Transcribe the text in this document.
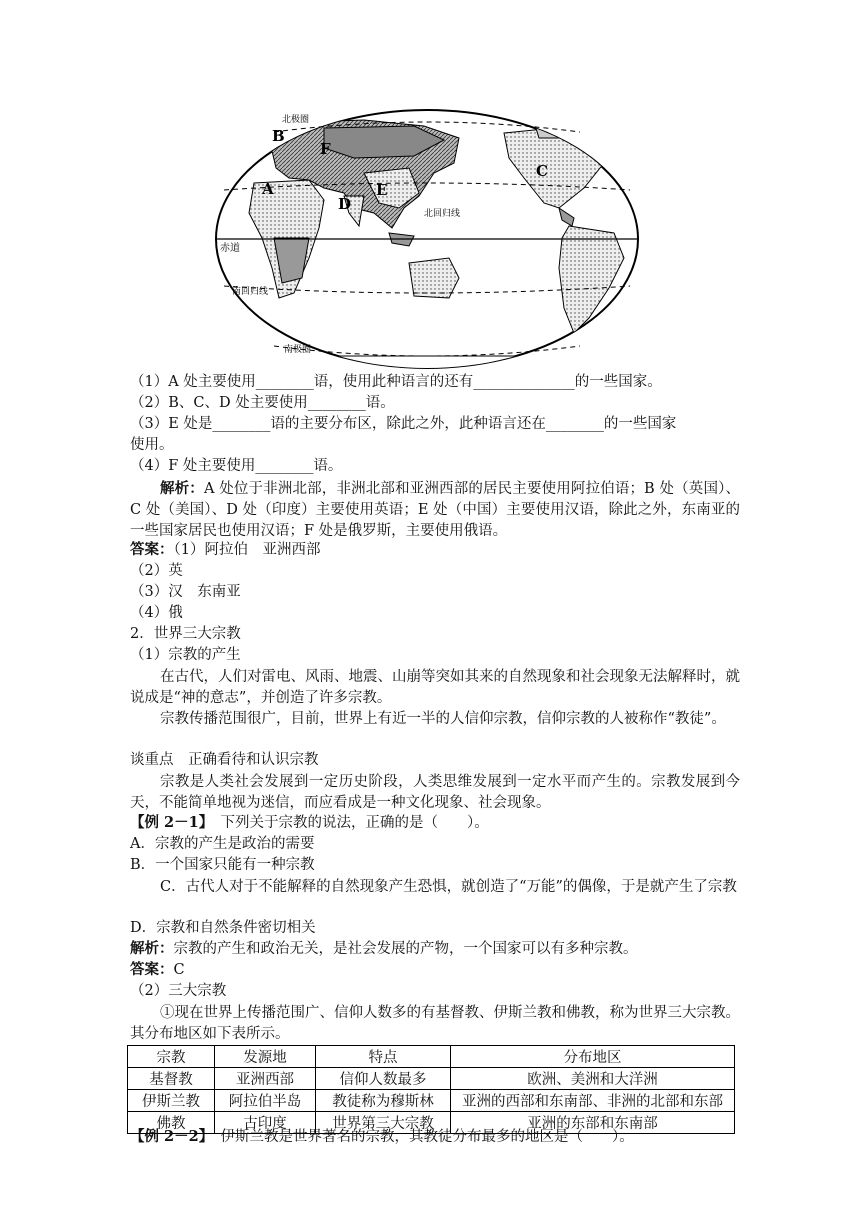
北极圈
北回归线
赤道
南回归线
南极圈
B
F
A
D
E
C
（1）A 处主要使用________语，使用此种语言的还有______________的一些国家。
（2）B、C、D 处主要使用________语。
（3）E 处是________语的主要分布区，除此之外，此种语言还在________的一些国家
使用。
（4）F 处主要使用________语。
解析：A 处位于非洲北部，非洲北部和亚洲西部的居民主要使用阿拉伯语；B 处（英国）、C 处（美国）、D 处（印度）主要使用英语；E 处（中国）主要使用汉语，除此之外，东南亚的一些国家居民也使用汉语；F 处是俄罗斯，主要使用俄语。
答案：（1）阿拉伯　亚洲西部
（2）英
（3）汉　东南亚
（4）俄
2．世界三大宗教
（1）宗教的产生
在古代，人们对雷电、风雨、地震、山崩等突如其来的自然现象和社会现象无法解释时，就说成是“神的意志”，并创造了许多宗教。
宗教传播范围很广，目前，世界上有近一半的人信仰宗教，信仰宗教的人被称作“教徒”。
谈重点　正确看待和认识宗教
宗教是人类社会发展到一定历史阶段，人类思维发展到一定水平而产生的。宗教发展到今天，不能简单地视为迷信，而应看成是一种文化现象、社会现象。
【例 2－1】　下列关于宗教的说法，正确的是（　　）。
A．宗教的产生是政治的需要
B．一个国家只能有一种宗教
C．古代人对于不能解释的自然现象产生恐惧，就创造了“万能”的偶像，于是就产生了宗教
D．宗教和自然条件密切相关
解析：宗教的产生和政治无关，是社会发展的产物，一个国家可以有多种宗教。
答案：C
（2）三大宗教
①现在世界上传播范围广、信仰人数多的有基督教、伊斯兰教和佛教，称为世界三大宗教。其分布地区如下表所示。
宗教	发源地	特点	分布地区
基督教	亚洲西部	信仰人数最多	欧洲、美洲和大洋洲
伊斯兰教	阿拉伯半岛	教徒称为穆斯林	亚洲的西部和东南部、非洲的北部和东部
佛教	古印度	世界第三大宗教	亚洲的东部和东南部
【例 2－2】　伊斯兰教是世界著名的宗教，其教徒分布最多的地区是（　　）。
